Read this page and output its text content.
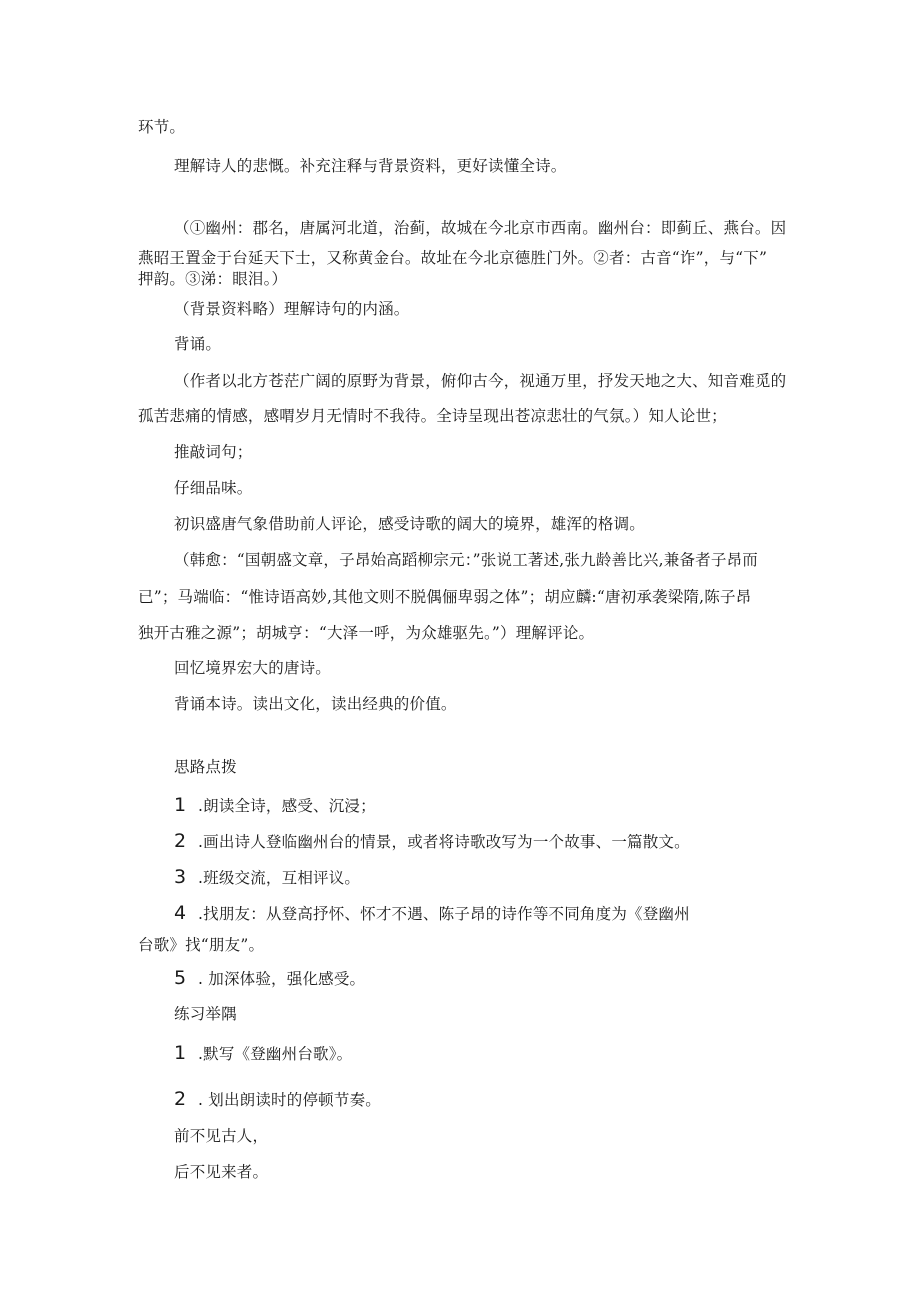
环节。
理解诗人的悲慨。补充注释与背景资料，更好读懂全诗。
（①幽州：郡名，唐属河北道，治蓟，故城在今北京市西南。幽州台：即蓟丘、燕台。因
燕昭王置金于台延天下士，又称黄金台。故址在今北京德胜门外。②者：古音“诈”，与“下”
押韵。③涕：眼泪。）
（背景资料略）理解诗句的内涵。
背诵。
（作者以北方苍茫广阔的原野为背景，俯仰古今，视通万里，抒发天地之大、知音难觅的
孤苦悲痛的情感，感喟岁月无情时不我待。全诗呈现出苍凉悲壮的气氛。）知人论世；
推敲词句；
仔细品味。
初识盛唐气象借助前人评论，感受诗歌的阔大的境界，雄浑的格调。
（韩愈：“国朝盛文章，子昂始高蹈柳宗元：”张说工著述,张九龄善比兴,兼备者子昂而
已”；马端临：“惟诗语高妙,其他文则不脱偶俪卑弱之体”；胡应麟:“唐初承袭梁隋,陈子昂
独开古雅之源”；胡城亨：“大泽一呼，为众雄驱先。”）理解评论。
回忆境界宏大的唐诗。
背诵本诗。读出文化，读出经典的价值。
思路点拨
1 .朗读全诗，感受、沉浸；
2 .画出诗人登临幽州台的情景，或者将诗歌改写为一个故事、一篇散文。
3 .班级交流，互相评议。
4 .找朋友：从登高抒怀、怀才不遇、陈子昂的诗作等不同角度为《登幽州
台歌》找“朋友”。
5 . 加深体验，强化感受。
练习举隅
1 .默写《登幽州台歌》。
2 . 划出朗读时的停顿节奏。
前不见古人，
后不见来者。
